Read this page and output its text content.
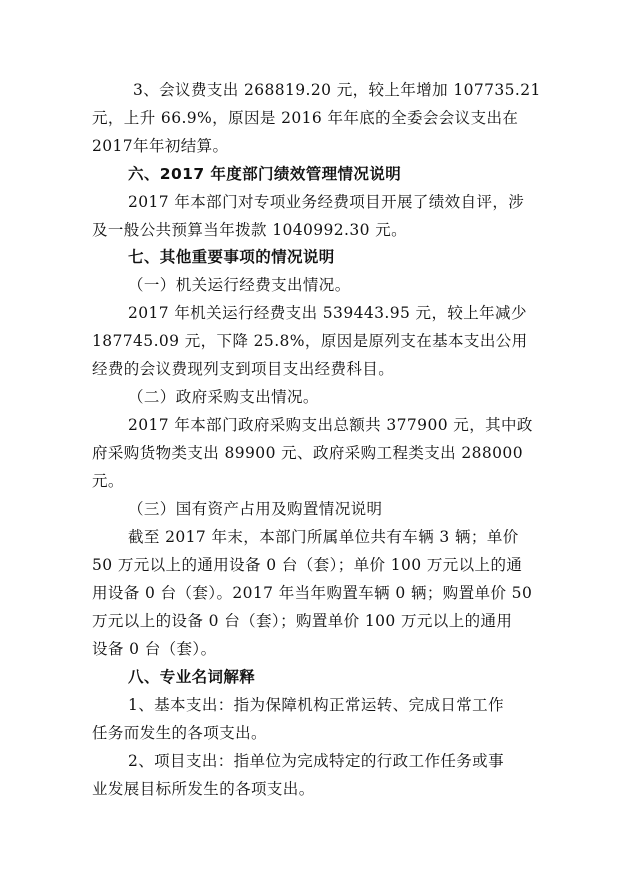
3、会议费支出 268819.20 元，较上年增加 107735.21
元，上升 66.9%，原因是 2016 年年底的全委会会议支出在
2017年年初结算。
六、2017 年度部门绩效管理情况说明
2017 年本部门对专项业务经费项目开展了绩效自评，涉
及一般公共预算当年拨款 1040992.30 元。
七、其他重要事项的情况说明
（一）机关运行经费支出情况。
2017 年机关运行经费支出 539443.95 元，较上年减少
187745.09 元，下降 25.8%，原因是原列支在基本支出公用
经费的会议费现列支到项目支出经费科目。
（二）政府采购支出情况。
2017 年本部门政府采购支出总额共 377900 元，其中政
府采购货物类支出 89900 元、政府采购工程类支出 288000
元。
（三）国有资产占用及购置情况说明
截至 2017 年末，本部门所属单位共有车辆 3 辆；单价
50 万元以上的通用设备 0 台（套）；单价 100 万元以上的通
用设备 0 台（套）。2017 年当年购置车辆 0 辆；购置单价 50
万元以上的设备 0 台（套）；购置单价 100 万元以上的通用
设备 0 台（套）。
八、专业名词解释
1、基本支出：指为保障机构正常运转、完成日常工作
任务而发生的各项支出。
2、项目支出：指单位为完成特定的行政工作任务或事
业发展目标所发生的各项支出。
